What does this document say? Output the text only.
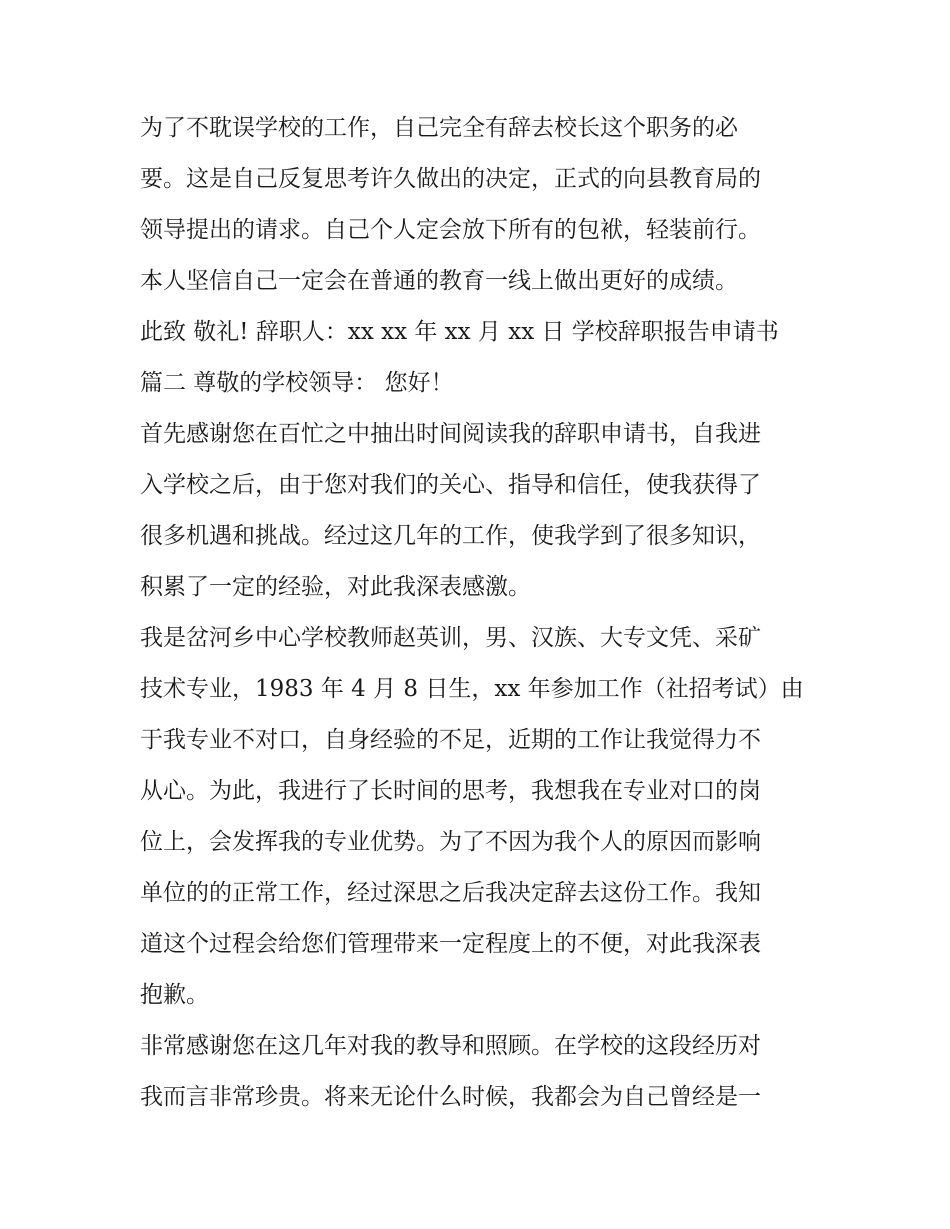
为了不耽误学校的工作，自己完全有辞去校长这个职务的必
要。这是自己反复思考许久做出的决定，正式的向县教育局的
领导提出的请求。自己个人定会放下所有的包袱，轻装前行。
本人坚信自己一定会在普通的教育一线上做出更好的成绩。
此致 敬礼! 辞职人：xx xx 年 xx 月 xx 日 学校辞职报告申请书
篇二 尊敬的学校领导： 您好！
首先感谢您在百忙之中抽出时间阅读我的辞职申请书，自我进
入学校之后，由于您对我们的关心、指导和信任，使我获得了
很多机遇和挑战。经过这几年的工作，使我学到了很多知识，
积累了一定的经验，对此我深表感激。
我是岔河乡中心学校教师赵英训，男、汉族、大专文凭、采矿
技术专业，1983 年 4 月 8 日生，xx 年参加工作（社招考试）由
于我专业不对口，自身经验的不足，近期的工作让我觉得力不
从心。为此，我进行了长时间的思考，我想我在专业对口的岗
位上，会发挥我的专业优势。为了不因为我个人的原因而影响
单位的的正常工作，经过深思之后我决定辞去这份工作。我知
道这个过程会给您们管理带来一定程度上的不便，对此我深表
抱歉。
非常感谢您在这几年对我的教导和照顾。在学校的这段经历对
我而言非常珍贵。将来无论什么时候，我都会为自己曾经是一
